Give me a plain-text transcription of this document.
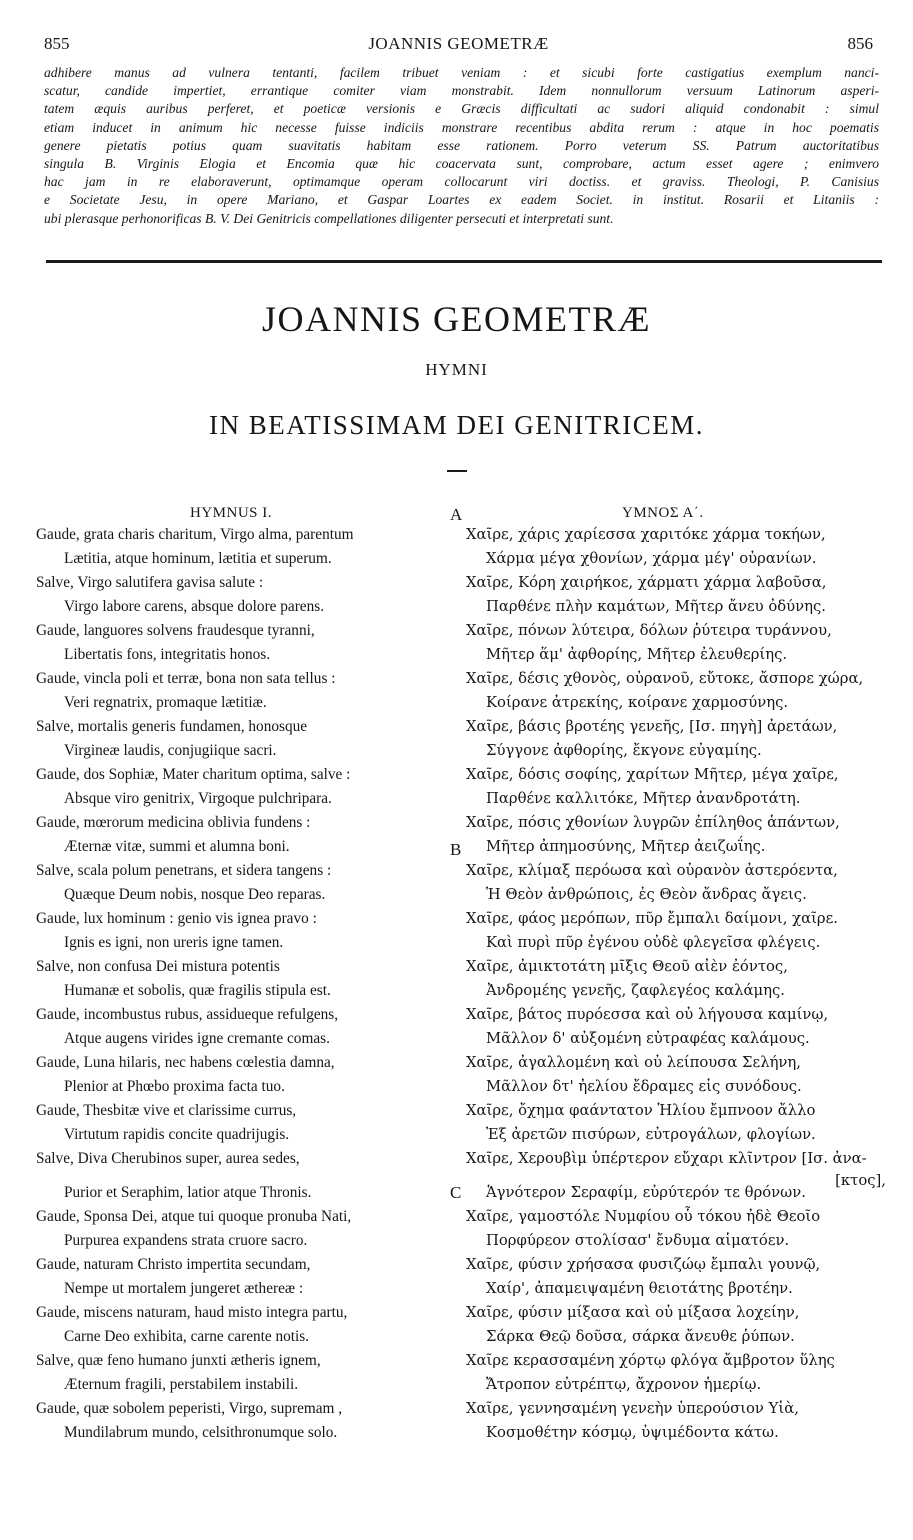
855	JOANNIS GEOMETRÆ	856
adhibere manus ad vulnera tentanti, facilem tribuet veniam : et sicubi forte castigatius exemplum nanci-
scatur, candide impertiet, errantique comiter viam monstrabit. Idem nonnullorum versuum Latinorum asperi-
tatem æquis auribus perferet, et poeticæ versionis e Græcis difficultati ac sudori aliquid condonabit : simul
etiam inducet in animum hic necesse fuisse indiciis monstrare recentibus abdita rerum : atque in hoc poematis
genere pietatis potius quam suavitatis habitam esse rationem. Porro veterum SS. Patrum auctoritatibus
singula B. Virginis Elogia et Encomia quæ hic coacervata sunt, comprobare, actum esset agere ; enimvero
hac jam in re elaboraverunt, optimamque operam collocarunt viri doctiss. et graviss. Theologi, P. Canisius
e Societate Jesu, in opere Mariano, et Gaspar Loartes ex eadem Societ. in institut. Rosarii et Litaniis :
ubi plerasque perhonorificas B. V. Dei Genitricis compellationes diligenter persecuti et interpretati sunt.
JOANNIS GEOMETRÆ
HYMNI
IN BEATISSIMAM DEI GENITRICEM.
HYMNUS I.	ΥΜΝΟΣ Α΄.
A
B
C
Gaude, grata charis charitum, Virgo alma, parentum
Lætitia, atque hominum, lætitia et superum.
Salve, Virgo salutifera gavisa salute :
Virgo labore carens, absque dolore parens.
Gaude, languores solvens fraudesque tyranni,
Libertatis fons, integritatis honos.
Gaude, vincla poli et terræ, bona non sata tellus :
Veri regnatrix, promaque lætitiæ.
Salve, mortalis generis fundamen, honosque
Virgineæ laudis, conjugiique sacri.
Gaude, dos Sophiæ, Mater charitum optima, salve :
Absque viro genitrix, Virgoque pulchripara.
Gaude, mœrorum medicina oblivia fundens :
Æternæ vitæ, summi et alumna boni.
Salve, scala polum penetrans, et sidera tangens :
Quæque Deum nobis, nosque Deo reparas.
Gaude, lux hominum : genio vis ignea pravo :
Ignis es igni, non ureris igne tamen.
Salve, non confusa Dei mistura potentis
Humanæ et sobolis, quæ fragilis stipula est.
Gaude, incombustus rubus, assidueque refulgens,
Atque augens virides igne cremante comas.
Gaude, Luna hilaris, nec habens cœlestia damna,
Plenior at Phœbo proxima facta tuo.
Gaude, Thesbitæ vive et clarissime currus,
Virtutum rapidis concite quadrijugis.
Salve, Diva Cherubinos super, aurea sedes,
Purior et Seraphim, latior atque Thronis.
Gaude, Sponsa Dei, atque tui quoque pronuba Nati,
Purpurea expandens strata cruore sacro.
Gaude, naturam Christo impertita secundam,
Nempe ut mortalem jungeret æthereæ :
Gaude, miscens naturam, haud misto integra partu,
Carne Deo exhibita, carne carente notis.
Salve, quæ feno humano junxti ætheris ignem,
Æternum fragili, perstabilem instabili.
Gaude, quæ sobolem peperisti, Virgo, supremam ,
Mundilabrum mundo, celsithronumque solo.
Χαῖρε, χάρις χαρίεσσα χαριτόκε χάρμα τοκήων,
Χάρμα μέγα χθονίων, χάρμα μέγ' οὐρανίων.
Χαῖρε, Κόρη χαιρήκοε, χάρματι χάρμα λαβοῦσα,
Παρθένε πλὴν καμάτων, Μῆτερ ἄνευ ὀδύνης.
Χαῖρε, πόνων λύτειρα, δόλων ῥύτειρα τυράννου,
Μῆτερ ἅμ' ἀφθορίης, Μῆτερ ἐλευθερίης.
Χαῖρε, δέσις χθονὸς, οὐρανοῦ, εὔτοκε, ἄσπορε χώρα,
Κοίρανε ἀτρεκίης, κοίρανε χαρμοσύνης.
Χαῖρε, βάσις βροτέης γενεῆς, [Ισ. πηγὴ] ἀρετάων,
Σύγγονε ἀφθορίης, ἔκγονε εὐγαμίης.
Χαῖρε, δόσις σοφίης, χαρίτων Μῆτερ, μέγα χαῖρε,
Παρθένε καλλιτόκε, Μῆτερ ἀνανδροτάτη.
Χαῖρε, πόσις χθονίων λυγρῶν ἐπίληθος ἁπάντων,
Μῆτερ ἀπημοσύνης, Μῆτερ ἀειζωΐης.
Χαῖρε, κλίμαξ περόωσα καὶ οὐρανὸν ἀστερόεντα,
Ἡ Θεὸν ἀνθρώποις, ἐς Θεὸν ἄνδρας ἄγεις.
Χαῖρε, φάος μερόπων, πῦρ ἔμπαλι δαίμονι, χαῖρε.
Καὶ πυρὶ πῦρ ἐγένου οὐδὲ φλεγεῖσα φλέγεις.
Χαῖρε, ἀμικτοτάτη μῖξις Θεοῦ αἰὲν ἐόντος,
Ἀνδρομέης γενεῆς, ζαφλεγέος καλάμης.
Χαῖρε, βάτος πυρόεσσα καὶ οὐ λήγουσα καμίνῳ,
Μᾶλλον δ' αὐξομένη εὐτραφέας καλάμους.
Χαῖρε, ἀγαλλομένη καὶ οὐ λείπουσα Σελήνη,
Μᾶλλον δτ' ἠελίου ἔδραμες εἰς συνόδους.
Χαῖρε, ὄχημα φαάντατον Ἡλίου ἔμπνοον ἄλλο
Ἐξ ἀρετῶν πισύρων, εὐτρογάλων, φλογίων.
Χαῖρε, Χερουβὶμ ὑπέρτερον εὔχαρι κλῖντρον [Ισ. ἀνα-
[κτος],
Ἁγνότερον Σεραφίμ, εὐρύτερόν τε θρόνων.
Χαῖρε, γαμοστόλε Νυμφίου οὗ τόκου ἠδὲ Θεοῖο
Πορφύρεον στολίσασ' ἔνδυμα αἱματόεν.
Χαῖρε, φύσιν χρήσασα φυσιζώῳ ἔμπαλι γουνῷ,
Χαίρ', ἀπαμειψαμένη θειοτάτης βροτέην.
Χαῖρε, φύσιν μίξασα καὶ οὐ μίξασα λοχείην,
Σάρκα Θεῷ δοῦσα, σάρκα ἄνευθε ῥύπων.
Χαῖρε κερασσαμένη χόρτῳ φλόγα ἄμβροτον ὕλης
Ἄτροπον εὐτρέπτῳ, ἄχρονον ἡμερίῳ.
Χαῖρε, γεννησαμένη γενεὴν ὑπερούσιον Υἱὰ,
Κοσμοθέτην κόσμῳ, ὑψιμέδοντα κάτω.
